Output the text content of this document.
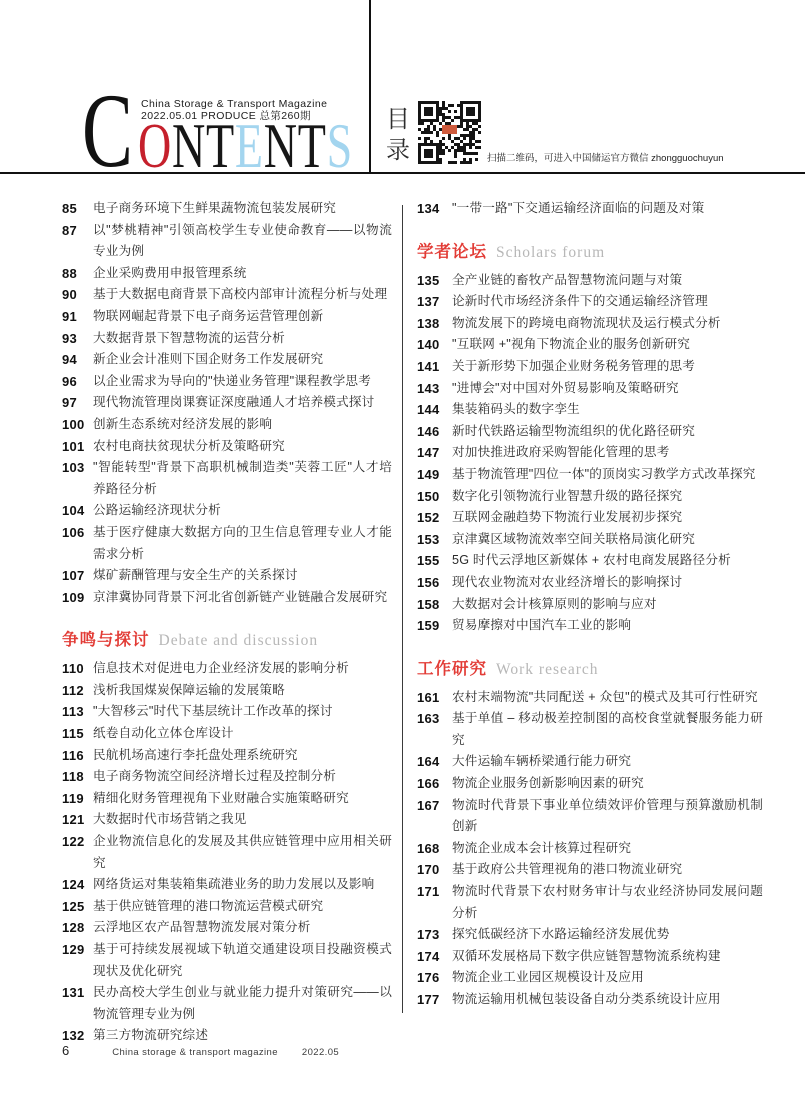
C China Storage & Transport Magazine
2022.05.01 PRODUCE 总第260期
ONTENTS 目
录	扫描二维码，可进入中国储运官方微信 zhongguochuyun
85	电子商务环境下生鲜果蔬物流包装发展研究
87	以"梦桃精神"引领高校学生专业使命教育——以物流专业为例
88	企业采购费用申报管理系统
90	基于大数据电商背景下高校内部审计流程分析与处理
91	物联网崛起背景下电子商务运营管理创新
93	大数据背景下智慧物流的运营分析
94	新企业会计准则下国企财务工作发展研究
96	以企业需求为导向的"快递业务管理"课程教学思考
97	现代物流管理岗课赛证深度融通人才培养模式探讨
100 创新生态系统对经济发展的影响
101 农村电商扶贫现状分析及策略研究
103 "智能转型"背景下高职机械制造类"芙蓉工匠"人才培养路径分析
104 公路运输经济现状分析
106 基于医疗健康大数据方向的卫生信息管理专业人才能需求分析
107 煤矿薪酬管理与安全生产的关系探讨
109 京津冀协同背景下河北省创新链产业链融合发展研究
争鸣与探讨 Debate and discussion
110 信息技术对促进电力企业经济发展的影响分析
112 浅析我国煤炭保障运输的发展策略
113 "大智移云"时代下基层统计工作改革的探讨
115 纸卷自动化立体仓库设计
116 民航机场高速行李托盘处理系统研究
118 电子商务物流空间经济增长过程及控制分析
119 精细化财务管理视角下业财融合实施策略研究
121 大数据时代市场营销之我见
122 企业物流信息化的发展及其供应链管理中应用相关研究
124 网络货运对集装箱集疏港业务的助力发展以及影响
125 基于供应链管理的港口物流运营模式研究
128 云浮地区农产品智慧物流发展对策分析
129 基于可持续发展视域下轨道交通建设项目投融资模式现状及优化研究
131 民办高校大学生创业与就业能力提升对策研究——以物流管理专业为例
132 第三方物流研究综述
134 "一带一路"下交通运输经济面临的问题及对策
学者论坛 Scholars forum
135 全产业链的畜牧产品智慧物流问题与对策
137 论新时代市场经济条件下的交通运输经济管理
138 物流发展下的跨境电商物流现状及运行模式分析
140 "互联网 +"视角下物流企业的服务创新研究
141 关于新形势下加强企业财务税务管理的思考
143 "进博会"对中国对外贸易影响及策略研究
144 集装箱码头的数字孪生
146 新时代铁路运输型物流组织的优化路径研究
147 对加快推进政府采购智能化管理的思考
149 基于物流管理"四位一体"的顶岗实习教学方式改革探究
150 数字化引领物流行业智慧升级的路径探究
152 互联网金融趋势下物流行业发展初步探究
153 京津冀区域物流效率空间关联格局演化研究
155 5G 时代云浮地区新媒体 + 农村电商发展路径分析
156 现代农业物流对农业经济增长的影响探讨
158 大数据对会计核算原则的影响与应对
159 贸易摩擦对中国汽车工业的影响
工作研究 Work research
161 农村末端物流"共同配送 + 众包"的模式及其可行性研究
163 基于单值 – 移动极差控制图的高校食堂就餐服务能力研究
164 大件运输车辆桥梁通行能力研究
166 物流企业服务创新影响因素的研究
167 物流时代背景下事业单位绩效评价管理与预算激励机制创新
168 物流企业成本会计核算过程研究
170 基于政府公共管理视角的港口物流业研究
171 物流时代背景下农村财务审计与农业经济协同发展问题分析
173 探究低碳经济下水路运输经济发展优势
174 双循环发展格局下数字供应链智慧物流系统构建
176 物流企业工业园区规模设计及应用
177 物流运输用机械包装设备自动分类系统设计应用
6	China storage & transport magazine	2022.05
